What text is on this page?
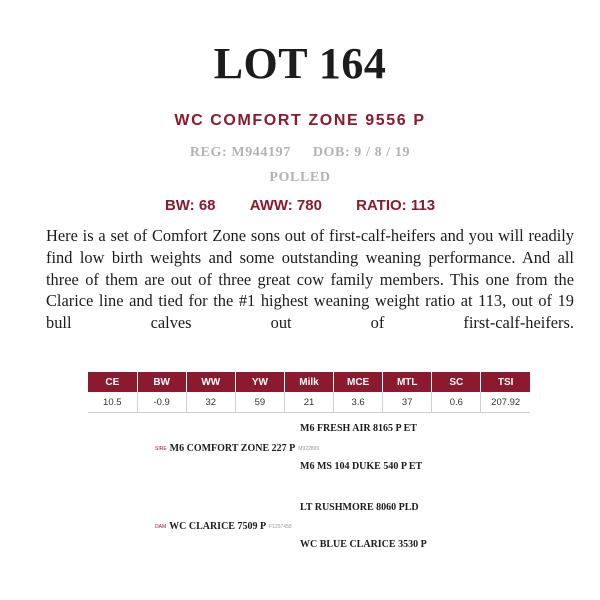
LOT 164
WC COMFORT ZONE 9556 P
REG: M944197 DOB: 9 / 8 / 19
POLLED
BW: 68 AWW: 780 RATIO: 113
Here is a set of Comfort Zone sons out of first-calf-heifers and you will readily find low birth weights and some outstanding weaning performance. And all three of them are out of three great cow family members. This one from the Clarice line and tied for the #1 highest weaning weight ratio at 113, out of 19 bull calves out of first-calf-heifers.
CE	BW	WW	YW	Milk	MCE	MTL	SC	TSI
10.5	-0.9	32	59	21	3.6	37	0.6	207.92
M6 FRESH AIR 8165 P ET
SIRE M6 COMFORT ZONE 227 P M922899
M6 MS 104 DUKE 540 P ET
LT RUSHMORE 8060 PLD
DAM WC CLARICE 7509 P F1257458
WC BLUE CLARICE 3530 P
